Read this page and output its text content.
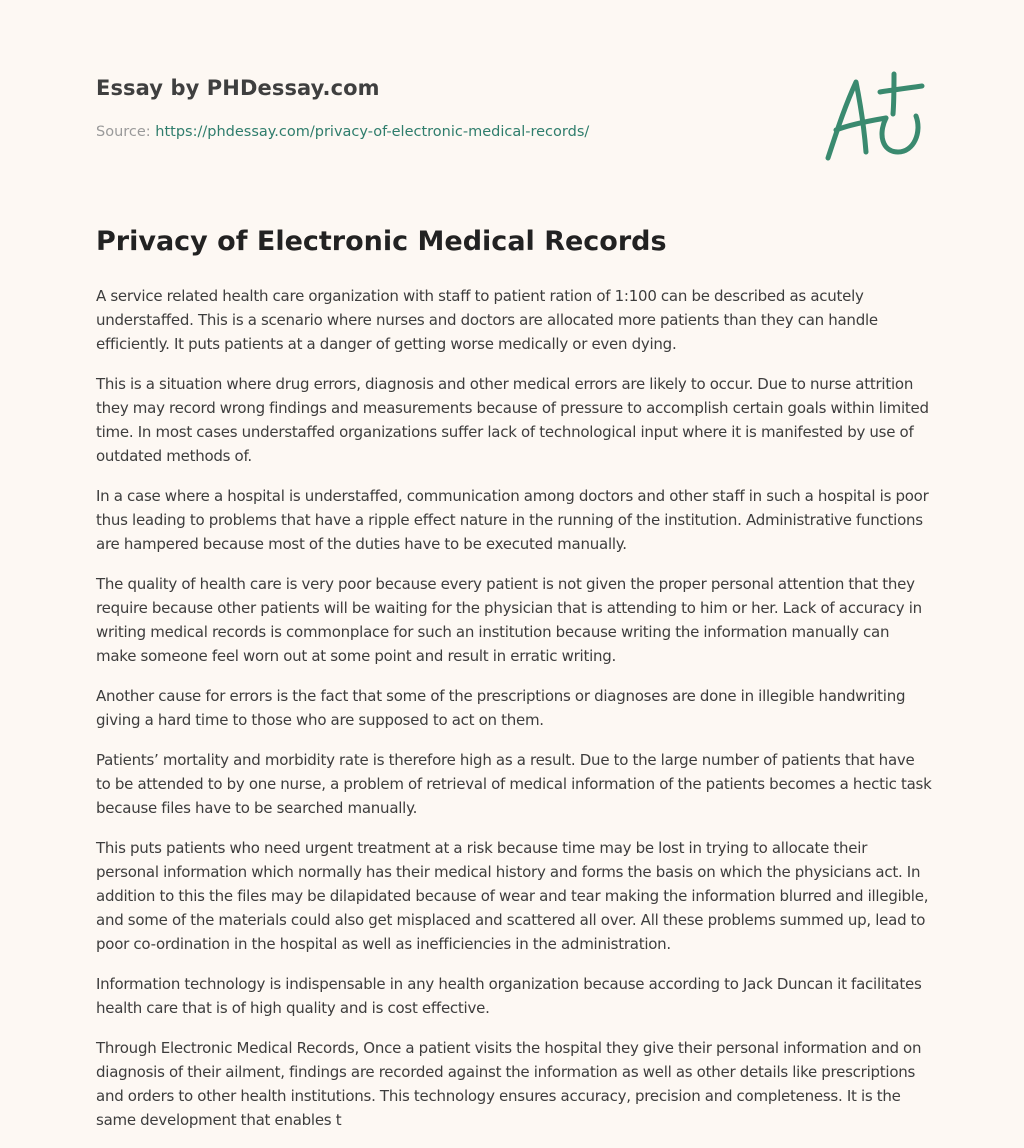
Essay by PHDessay.com
Source: https://phdessay.com/privacy-of-electronic-medical-records/
Privacy of Electronic Medical Records

A service related health care organization with staff to patient ration of 1:100 can be described as acutely understaffed. This is a scenario where nurses and doctors are allocated more patients than they can handle efficiently. It puts patients at a danger of getting worse medically or even dying.

This is a situation where drug errors, diagnosis and other medical errors are likely to occur. Due to nurse attrition they may record wrong findings and measurements because of pressure to accomplish certain goals within limited time. In most cases understaffed organizations suffer lack of technological input where it is manifested by use of outdated methods of.

In a case where a hospital is understaffed, communication among doctors and other staff in such a hospital is poor thus leading to problems that have a ripple effect nature in the running of the institution. Administrative functions are hampered because most of the duties have to be executed manually.

The quality of health care is very poor because every patient is not given the proper personal attention that they require because other patients will be waiting for the physician that is attending to him or her. Lack of accuracy in writing medical records is commonplace for such an institution because writing the information manually can make someone feel worn out at some point and result in erratic writing.

Another cause for errors is the fact that some of the prescriptions or diagnoses are done in illegible handwriting giving a hard time to those who are supposed to act on them.

Patients’ mortality and morbidity rate is therefore high as a result. Due to the large number of patients that have to be attended to by one nurse, a problem of retrieval of medical information of the patients becomes a hectic task because files have to be searched manually.

This puts patients who need urgent treatment at a risk because time may be lost in trying to allocate their personal information which normally has their medical history and forms the basis on which the physicians act. In addition to this the files may be dilapidated because of wear and tear making the information blurred and illegible, and some of the materials could also get misplaced and scattered all over. All these problems summed up, lead to poor co-ordination in the hospital as well as inefficiencies in the administration.

Information technology is indispensable in any health organization because according to Jack Duncan it facilitates health care that is of high quality and is cost effective.

Through Electronic Medical Records, Once a patient visits the hospital they give their personal information and on diagnosis of their ailment, findings are recorded against the information as well as other details like prescriptions and orders to other health institutions. This technology ensures accuracy, precision and completeness. It is the same development that enables t
